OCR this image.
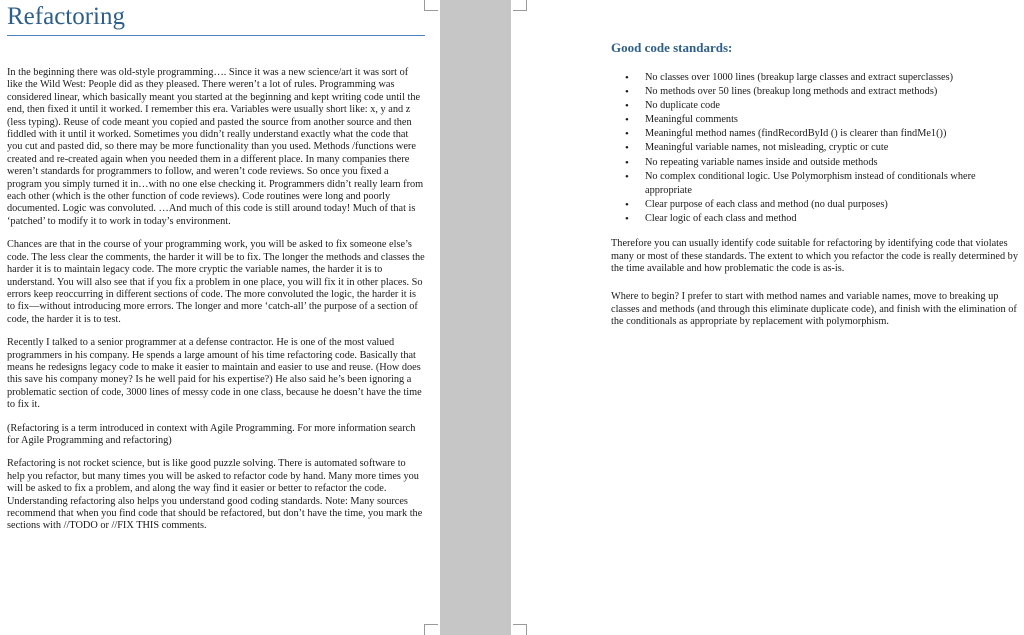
Refactoring

In the beginning there was old-style programming…. Since it was a new science/art it was sort of like the Wild West: People did as they pleased. There weren’t a lot of rules. Programming was considered linear, which basically meant you started at the beginning and kept writing code until the end, then fixed it until it worked. I remember this era. Variables were usually short like: x, y and z (less typing). Reuse of code meant you copied and pasted the source from another source and then fiddled with it until it worked. Sometimes you didn’t really understand exactly what the code that you cut and pasted did, so there may be more functionality than you used. Methods /functions were created and re-created again when you needed them in a different place. In many companies there weren’t standards for programmers to follow, and weren’t code reviews. So once you fixed a program you simply turned it in…with no one else checking it. Programmers didn’t really learn from each other (which is the other function of code reviews). Code routines were long and poorly documented. Logic was convoluted. …And much of this code is still around today! Much of that is ‘patched’ to modify it to work in today’s environment.

Chances are that in the course of your programming work, you will be asked to fix someone else’s code. The less clear the comments, the harder it will be to fix. The longer the methods and classes the harder it is to maintain legacy code. The more cryptic the variable names, the harder it is to understand. You will also see that if you fix a problem in one place, you will fix it in other places. So errors keep reoccurring in different sections of code. The more convoluted the logic, the harder it is to fix—without introducing more errors. The longer and more ‘catch-all’ the purpose of a section of code, the harder it is to test.

Recently I talked to a senior programmer at a defense contractor. He is one of the most valued programmers in his company. He spends a large amount of his time refactoring code. Basically that means he redesigns legacy code to make it easier to maintain and easier to use and reuse. (How does this save his company money? Is he well paid for his expertise?) He also said he’s been ignoring a problematic section of code, 3000 lines of messy code in one class, because he doesn’t have the time to fix it.

(Refactoring is a term introduced in context with Agile Programming. For more information search for Agile Programming and refactoring)

Refactoring is not rocket science, but is like good puzzle solving. There is automated software to help you refactor, but many times you will be asked to refactor code by hand. Many more times you will be asked to fix a problem, and along the way find it easier or better to refactor the code. Understanding refactoring also helps you understand good coding standards. Note: Many sources recommend that when you find code that should be refactored, but don’t have the time, you mark the sections with //TODO or //FIX THIS comments.

Good code standards:
• No classes over 1000 lines (breakup large classes and extract superclasses)
• No methods over 50 lines (breakup long methods and extract methods)
• No duplicate code
• Meaningful comments
• Meaningful method names (findRecordById () is clearer than findMe1())
• Meaningful variable names, not misleading, cryptic or cute
• No repeating variable names inside and outside methods
• No complex conditional logic. Use Polymorphism instead of conditionals where appropriate
• Clear purpose of each class and method (no dual purposes)
• Clear logic of each class and method

Therefore you can usually identify code suitable for refactoring by identifying code that violates many or most of these standards. The extent to which you refactor the code is really determined by the time available and how problematic the code is as-is.

Where to begin? I prefer to start with method names and variable names, move to breaking up classes and methods (and through this eliminate duplicate code), and finish with the elimination of the conditionals as appropriate by replacement with polymorphism.
